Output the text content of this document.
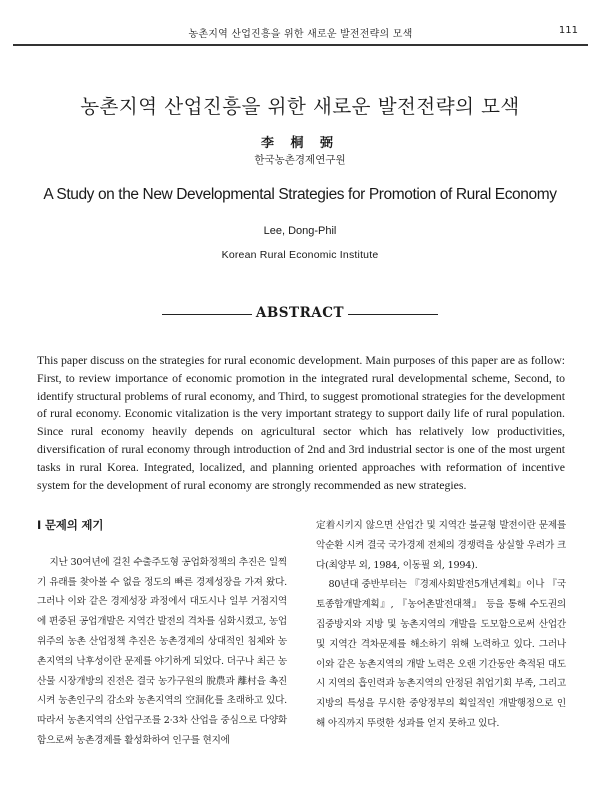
농촌지역 산업진흥을 위한 새로운 발전전략의 모색	111
농촌지역 산업진흥을 위한 새로운 발전전략의 모색
李 桐 弼
한국농촌경제연구원
A Study on the New Developmental Strategies for Promotion of Rural Economy
Lee, Dong-Phil
Korean Rural Economic Institute
ABSTRACT

This paper discuss on the strategies for rural economic development. Main purposes of this paper are as follow: First, to review importance of economic promotion in the integrated rural developmental scheme, Second, to identify structural problems of rural economy, and Third, to suggest promotional strategies for the development of rural economy. Economic vitalization is the very important strategy to support daily life of rural population. Since rural economy heavily depends on agricultural sector which has relatively low productivities, diversification of rural economy through introduction of 2nd and 3rd industrial sector is one of the most urgent tasks in rural Korea. Integrated, localized, and planning oriented approaches with reformation of incentive system for the development of rural economy are strongly recommended as new strategies.

Ⅰ 문제의 제기

지난 30여년에 걸친 수출주도형 공업화정책의 추진은 일찍기 유래를 찾아볼 수 없을 정도의 빠른 경제성장을 가져 왔다. 그러나 이와 같은 경제성장 과정에서 대도시나 일부 거점지역에 편중된 공업개발은 지역간 발전의 격차를 심화시켰고, 농업위주의 농촌 산업정책 추진은 농촌경제의 상대적인 침체와 농촌지역의 낙후성이란 문제를 야기하게 되었다. 더구나 최근 농산물 시장개방의 진전은 결국 농가구원의 脫農과 離村을 촉진시켜 농촌인구의 감소와 농촌지역의 空洞化를 초래하고 있다. 따라서 농촌지역의 산업구조를 2·3차 산업을 중심으로 다양화함으로써 농촌경제를 활성화하여 인구를 현지에

定着시키지 않으면 산업간 및 지역간 불균형 발전이란 문제를 악순환 시켜 결국 국가경제 전체의 경쟁력을 상실할 우려가 크다(최양부 외, 1984, 이동필 외, 1994).

80년대 중반부터는 『경제사회발전5개년계획』이나 『국토종합개발계획』, 『농어촌발전대책』 등을 통해 수도권의 집중방지와 지방 및 농촌지역의 개발을 도모함으로써 산업간 및 지역간 격차문제를 해소하기 위해 노력하고 있다. 그러나 이와 같은 농촌지역의 개발 노력은 오랜 기간동안 축적된 대도시 지역의 흡인력과 농촌지역의 안정된 취업기회 부족, 그리고 지방의 특성을 무시한 중앙정부의 획일적인 개발행정으로 인해 아직까지 뚜렷한 성과를 얻지 못하고 있다.
